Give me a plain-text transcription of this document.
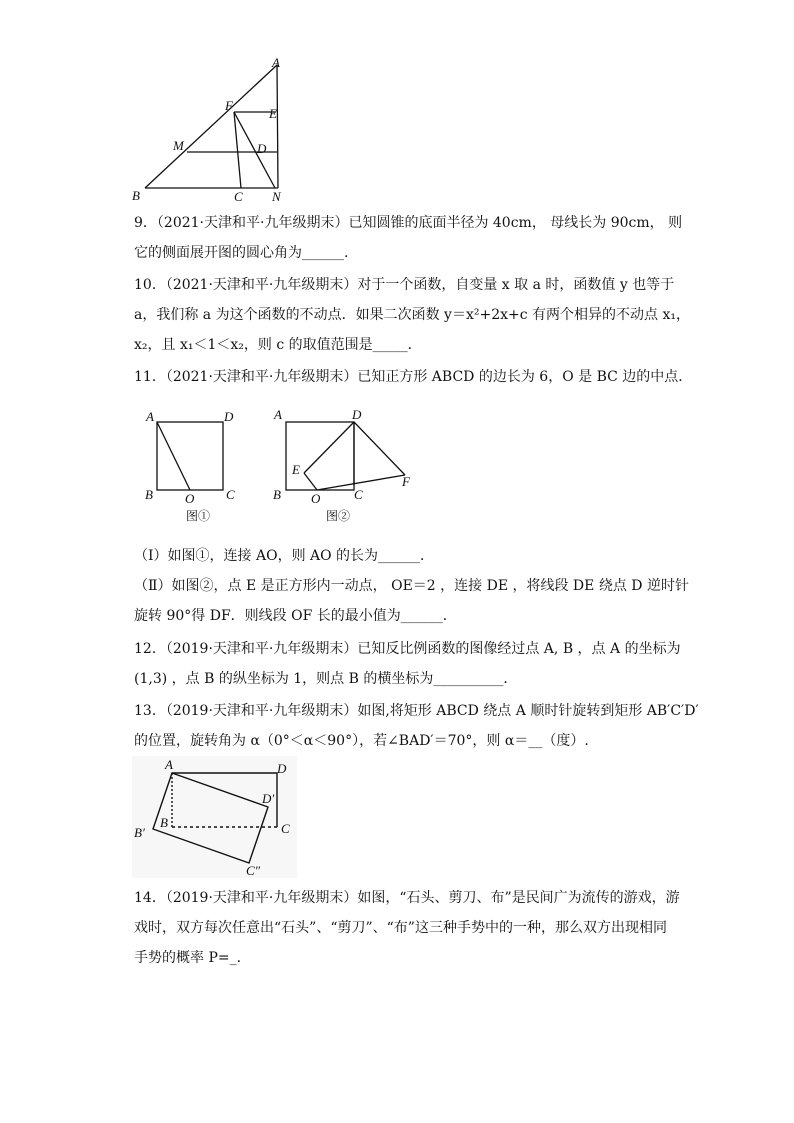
A
F
E
M	D
B	C N

9．（2021·天津和平·九年级期末）已知圆锥的底面半径为 40cm， 母线长为 90cm， 则

它的侧面展开图的圆心角为______.

10．（2021·天津和平·九年级期末）对于一个函数，自变量 x 取 a 时，函数值 y 也等于

a，我们称 a 为这个函数的不动点．如果二次函数 y＝x²+2x+c 有两个相异的不动点 x₁，

x₂，且 x₁＜1＜x₂，则 c 的取值范围是_____．

11．（2021·天津和平·九年级期末）已知正方形 ABCD 的边长为 6，O 是 BC 边的中点．

A	D
B O C
图①
A	D
E
F
B O	C
图②

（Ⅰ）如图①，连接 AO，则 AO 的长为______．

（Ⅱ）如图②，点 E 是正方形内一动点， OE＝2 ，连接 DE ，将线段 DE 绕点 D 逆时针

旋转 90°得 DF．则线段 OF 长的最小值为______．

12．（2019·天津和平·九年级期末）已知反比例函数的图像经过点 A, B ，点 A 的坐标为

(1,3) ，点 B 的纵坐标为 1，则点 B 的横坐标为__________．

13．（2019·天津和平·九年级期末）如图,将矩形 ABCD 绕点 A 顺时针旋转到矩形 AB′C′D′

的位置，旋转角为 α（0°＜α＜90°），若∠BAD′＝70°，则 α＝__（度）.

A	D
D′
B′
B	C
C″

14．（2019·天津和平·九年级期末）如图，“石头、剪刀、布”是民间广为流传的游戏，游

戏时，双方每次任意出“石头”、“剪刀”、“布”这三种手势中的一种，那么双方出现相同

手势的概率 P=_.
